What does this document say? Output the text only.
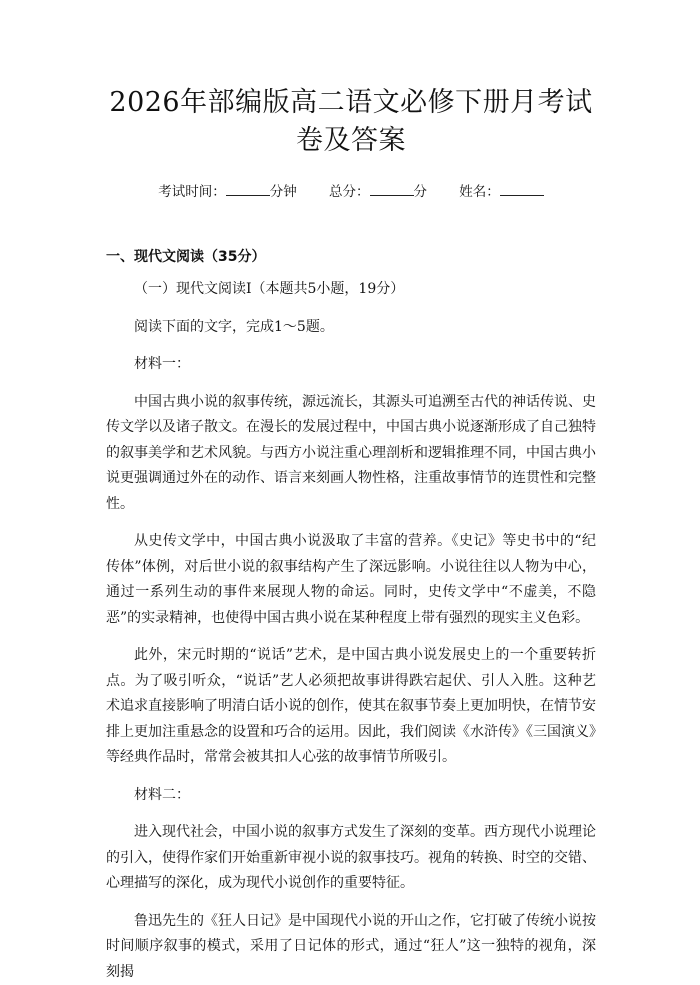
2026年部编版高二语文必修下册月考试卷及答案
考试时间：	分钟 总分：	分 姓名：
一、现代文阅读（35分）

（一）现代文阅读Ⅰ（本题共5小题，19分）

阅读下面的文字，完成1～5题。

材料一：

中国古典小说的叙事传统，源远流长，其源头可追溯至古代的神话传说、史传文学以及诸子散文。在漫长的发展过程中，中国古典小说逐渐形成了自己独特的叙事美学和艺术风貌。与西方小说注重心理剖析和逻辑推理不同，中国古典小说更强调通过外在的动作、语言来刻画人物性格，注重故事情节的连贯性和完整性。

从史传文学中，中国古典小说汲取了丰富的营养。《史记》等史书中的“纪传体”体例，对后世小说的叙事结构产生了深远影响。小说往往以人物为中心，通过一系列生动的事件来展现人物的命运。同时，史传文学中“不虚美，不隐恶”的实录精神，也使得中国古典小说在某种程度上带有强烈的现实主义色彩。

此外，宋元时期的“说话”艺术，是中国古典小说发展史上的一个重要转折点。为了吸引听众，“说话”艺人必须把故事讲得跌宕起伏、引人入胜。这种艺术追求直接影响了明清白话小说的创作，使其在叙事节奏上更加明快，在情节安排上更加注重悬念的设置和巧合的运用。因此，我们阅读《水浒传》《三国演义》等经典作品时，常常会被其扣人心弦的故事情节所吸引。

材料二：

进入现代社会，中国小说的叙事方式发生了深刻的变革。西方现代小说理论的引入，使得作家们开始重新审视小说的叙事技巧。视角的转换、时空的交错、心理描写的深化，成为现代小说创作的重要特征。

鲁迅先生的《狂人日记》是中国现代小说的开山之作，它打破了传统小说按时间顺序叙事的模式，采用了日记体的形式，通过“狂人”这一独特的视角，深刻揭
